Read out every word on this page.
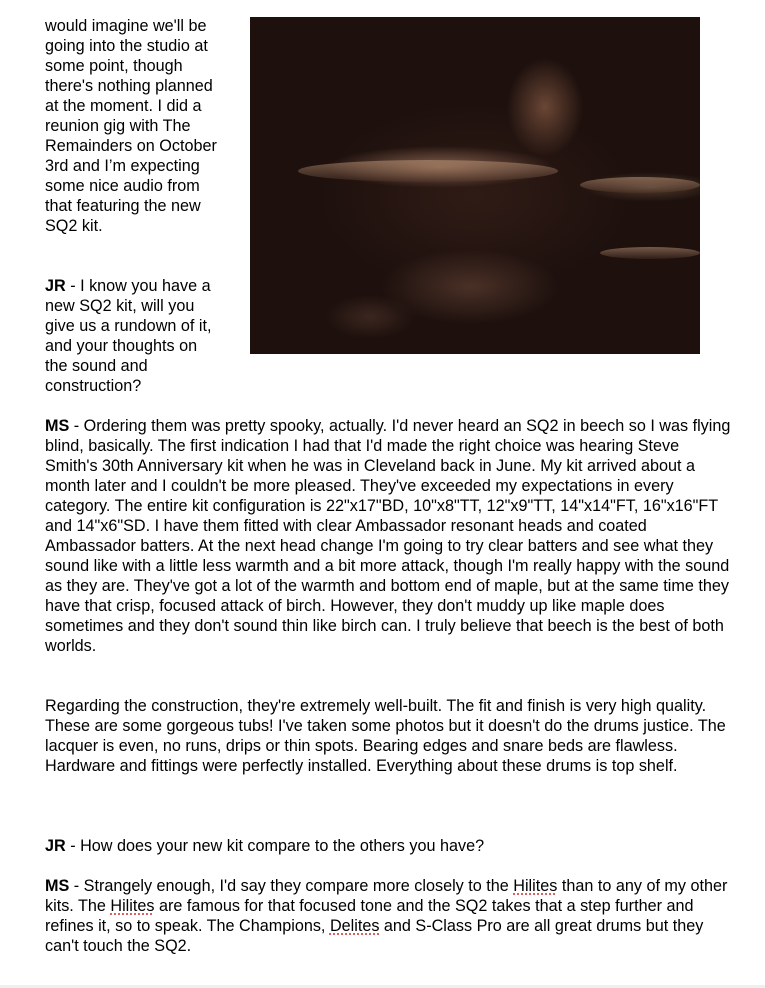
would imagine we'll be
going into the studio at
some point, though
there's nothing planned
at the moment. I did a
reunion gig with The
Remainders on October
3rd and I’m expecting
some nice audio from
that featuring the new
SQ2 kit.
JR - I know you have a
new SQ2 kit, will you
give us a rundown of it,
and your thoughts on
the sound and
construction?

MS - Ordering them was pretty spooky, actually. I'd never heard an SQ2 in beech so I was flying blind, basically. The first indication I had that I'd made the right choice was hearing Steve Smith's 30th Anniversary kit when he was in Cleveland back in June. My kit arrived about a month later and I couldn't be more pleased. They've exceeded my expectations in every category. The entire kit configuration is 22"x17"BD, 10"x8"TT, 12"x9"TT, 14"x14"FT, 16"x16"FT and 14"x6"SD. I have them fitted with clear Ambassador resonant heads and coated Ambassador batters. At the next head change I'm going to try clear batters and see what they sound like with a little less warmth and a bit more attack, though I'm really happy with the sound as they are. They've got a lot of the warmth and bottom end of maple, but at the same time they have that crisp, focused attack of birch. However, they don't muddy up like maple does sometimes and they don't sound thin like birch can. I truly believe that beech is the best of both worlds.

Regarding the construction, they're extremely well-built. The fit and finish is very high quality. These are some gorgeous tubs! I've taken some photos but it doesn't do the drums justice. The lacquer is even, no runs, drips or thin spots. Bearing edges and snare beds are flawless. Hardware and fittings were perfectly installed. Everything about these drums is top shelf.

JR - How does your new kit compare to the others you have?

MS - Strangely enough, I'd say they compare more closely to the Hilites than to any of my other kits. The Hilites are famous for that focused tone and the SQ2 takes that a step further and refines it, so to speak. The Champions, Delites and S-Class Pro are all great drums but they can't touch the SQ2.
